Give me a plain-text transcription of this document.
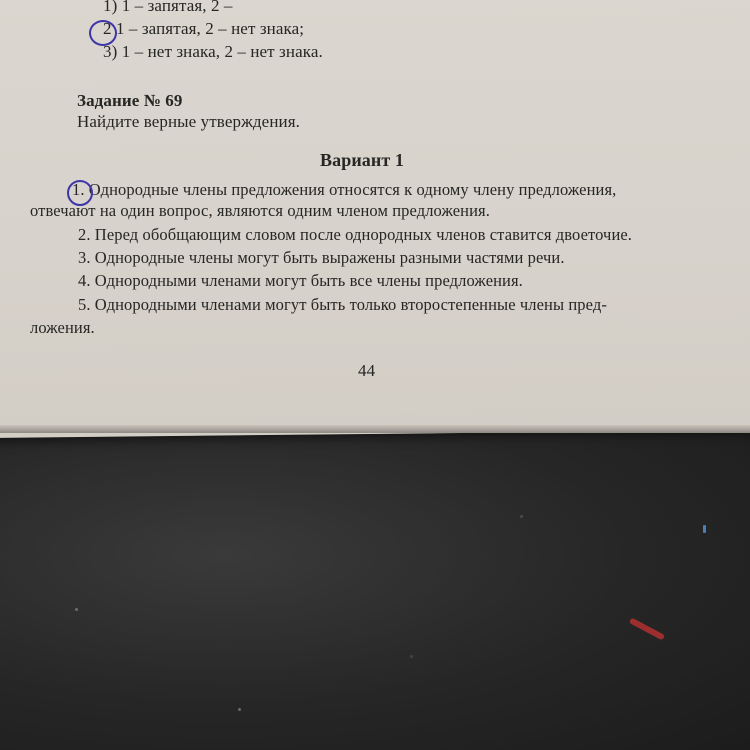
1) 1 – запятая, 2 –
2 1 – запятая, 2 – нет знака;
3) 1 – нет знака, 2 – нет знака.
Задание № 69
Найдите верные утверждения.
Вариант 1
1. Однородные члены предложения относятся к одному члену предложения,
отвечают на один вопрос, являются одним членом предложения.
2. Перед обобщающим словом после однородных членов ставится двоеточие.
3. Однородные члены могут быть выражены разными частями речи.
4. Однородными членами могут быть все члены предложения.
5. Однородными членами могут быть только второстепенные члены пред-
ложения.
44
